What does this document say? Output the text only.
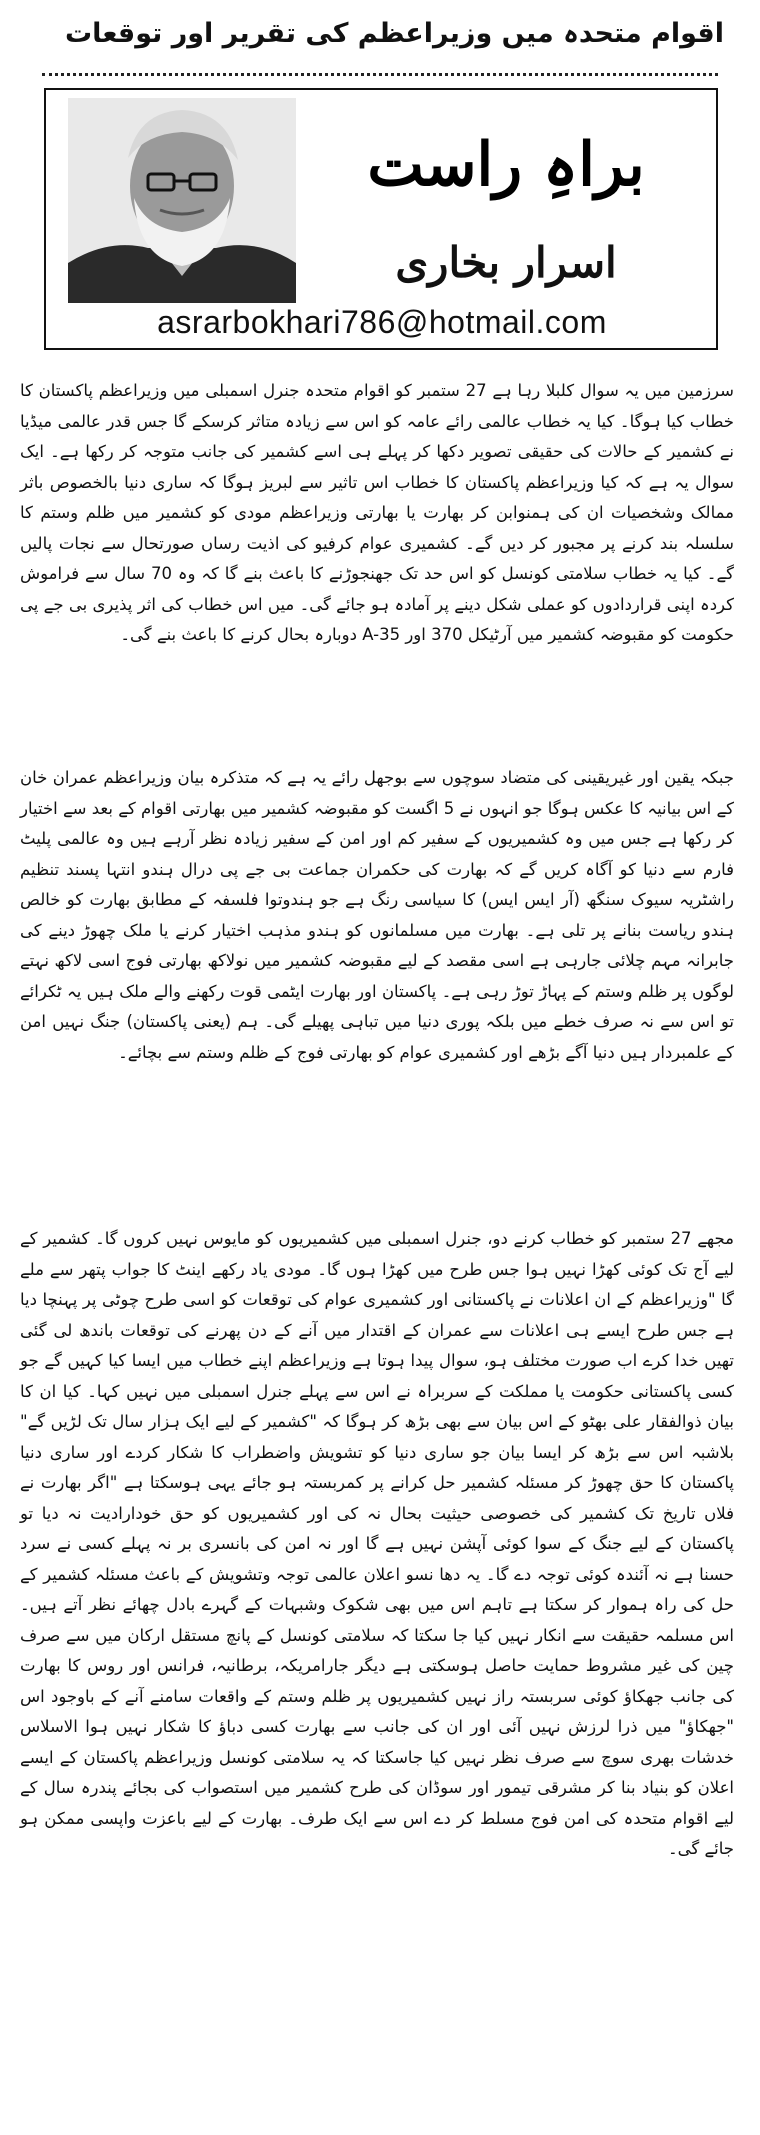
اقوام متحدہ میں وزیراعظم کی تقریر اور توقعات
براہِ راست
اسرار بخاری
asrarbokhari786@hotmail.com

سرزمین میں یہ سوال کلبلا رہا ہے 27 ستمبر کو اقوام متحدہ جنرل اسمبلی میں وزیراعظم پاکستان کا خطاب کیا ہوگا۔ کیا یہ خطاب عالمی رائے عامہ کو اس سے زیادہ متاثر کرسکے گا جس قدر عالمی میڈیا نے کشمیر کے حالات کی حقیقی تصویر دکھا کر پہلے ہی اسے کشمیر کی جانب متوجہ کر رکھا ہے۔ ایک سوال یہ ہے کہ کیا وزیراعظم پاکستان کا خطاب اس تاثیر سے لبریز ہوگا کہ ساری دنیا بالخصوص باثر ممالک وشخصیات ان کی ہمنوابن کر بھارت یا بھارتی وزیراعظم مودی کو کشمیر میں ظلم وستم کا سلسلہ بند کرنے پر مجبور کر دیں گے۔ کشمیری عوام کرفیو کی اذیت رساں صورتحال سے نجات پالیں گے۔ کیا یہ خطاب سلامتی کونسل کو اس حد تک جھنجوڑنے کا باعث بنے گا کہ وہ 70 سال سے فراموش کردہ اپنی قراردادوں کو عملی شکل دینے پر آمادہ ہو جائے گی۔ میں اس خطاب کی اثر پذیری بی جے پی حکومت کو مقبوضہ کشمیر میں آرٹیکل 370 اور A-35 دوبارہ بحال کرنے کا باعث بنے گی۔

جبکہ یقین اور غیریقینی کی متضاد سوچوں سے بوجھل رائے یہ ہے کہ متذکرہ بیان وزیراعظم عمران خان کے اس بیانیہ کا عکس ہوگا جو انہوں نے 5 اگست کو مقبوضہ کشمیر میں بھارتی اقوام کے بعد سے اختیار کر رکھا ہے جس میں وہ کشمیریوں کے سفیر کم اور امن کے سفیر زیادہ نظر آرہے ہیں وہ عالمی پلیٹ فارم سے دنیا کو آگاہ کریں گے کہ بھارت کی حکمران جماعت بی جے پی درال ہندو انتہا پسند تنظیم راشٹریہ سیوک سنگھ (آر ایس ایس) کا سیاسی رنگ ہے جو ہندوتوا فلسفہ کے مطابق بھارت کو خالص ہندو ریاست بنانے پر تلی ہے۔ بھارت میں مسلمانوں کو ہندو مذہب اختیار کرنے یا ملک چھوڑ دینے کی جابرانہ مہم چلائی جارہی ہے اسی مقصد کے لیے مقبوضہ کشمیر میں نولاکھ بھارتی فوج اسی لاکھ نہتے لوگوں پر ظلم وستم کے پہاڑ توڑ رہی ہے۔ پاکستان اور بھارت ایٹمی قوت رکھنے والے ملک ہیں یہ ٹکرائے تو اس سے نہ صرف خطے میں بلکہ پوری دنیا میں تباہی پھیلے گی۔ ہم (یعنی پاکستان) جنگ نہیں امن کے علمبردار ہیں دنیا آگے بڑھے اور کشمیری عوام کو بھارتی فوج کے ظلم وستم سے بچائے۔

مجھے 27 ستمبر کو خطاب کرنے دو، جنرل اسمبلی میں کشمیریوں کو مایوس نہیں کروں گا۔ کشمیر کے لیے آج تک کوئی کھڑا نہیں ہوا جس طرح میں کھڑا ہوں گا۔ مودی یاد رکھے اینٹ کا جواب پتھر سے ملے گا "وزیراعظم کے ان اعلانات نے پاکستانی اور کشمیری عوام کی توقعات کو اسی طرح چوٹی پر پہنچا دیا ہے جس طرح ایسے ہی اعلانات سے عمران کے اقتدار میں آنے کے دن پھرنے کی توقعات باندھ لی گئی تھیں خدا کرے اب صورت مختلف ہو، سوال پیدا ہوتا ہے وزیراعظم اپنے خطاب میں ایسا کیا کہیں گے جو کسی پاکستانی حکومت یا مملکت کے سربراہ نے اس سے پہلے جنرل اسمبلی میں نہیں کہا۔ کیا ان کا بیان ذوالفقار علی بھٹو کے اس بیان سے بھی بڑھ کر ہوگا کہ "کشمیر کے لیے ایک ہزار سال تک لڑیں گے" بلاشبہ اس سے بڑھ کر ایسا بیان جو ساری دنیا کو تشویش واضطراب کا شکار کردے اور ساری دنیا پاکستان کا حق چھوڑ کر مسئلہ کشمیر حل کرانے پر کمربستہ ہو جائے یہی ہوسکتا ہے "اگر بھارت نے فلاں تاریخ تک کشمیر کی خصوصی حیثیت بحال نہ کی اور کشمیریوں کو حق خودارادیت نہ دیا تو پاکستان کے لیے جنگ کے سوا کوئی آپشن نہیں ہے گا اور نہ امن کی بانسری بر نہ پہلے کسی نے سرد حسنا ہے نہ آئندہ کوئی توجہ دے گا۔ یہ دھا نسو اعلان عالمی توجہ وتشویش کے باعث مسئلہ کشمیر کے حل کی راہ ہموار کر سکتا ہے تاہم اس میں بھی شکوک وشبہات کے گہرے بادل چھائے نظر آتے ہیں۔ اس مسلمہ حقیقت سے انکار نہیں کیا جا سکتا کہ سلامتی کونسل کے پانچ مستقل ارکان میں سے صرف چین کی غیر مشروط حمایت حاصل ہوسکتی ہے دیگر جارامریکہ، برطانیہ، فرانس اور روس کا بھارت کی جانب جھکاؤ کوئی سربستہ راز نہیں کشمیریوں پر ظلم وستم کے واقعات سامنے آنے کے باوجود اس "جھکاؤ" میں ذرا لرزش نہیں آئی اور ان کی جانب سے بھارت کسی دباؤ کا شکار نہیں ہوا الاسلاس خدشات بھری سوچ سے صرف نظر نہیں کیا جاسکتا کہ یہ سلامتی کونسل وزیراعظم پاکستان کے ایسے اعلان کو بنیاد بنا کر مشرقی تیمور اور سوڈان کی طرح کشمیر میں استصواب کی بجائے پندرہ سال کے لیے اقوام متحدہ کی امن فوج مسلط کر دے اس سے ایک طرف۔ بھارت کے لیے باعزت واپسی ممکن ہو جائے گی۔
